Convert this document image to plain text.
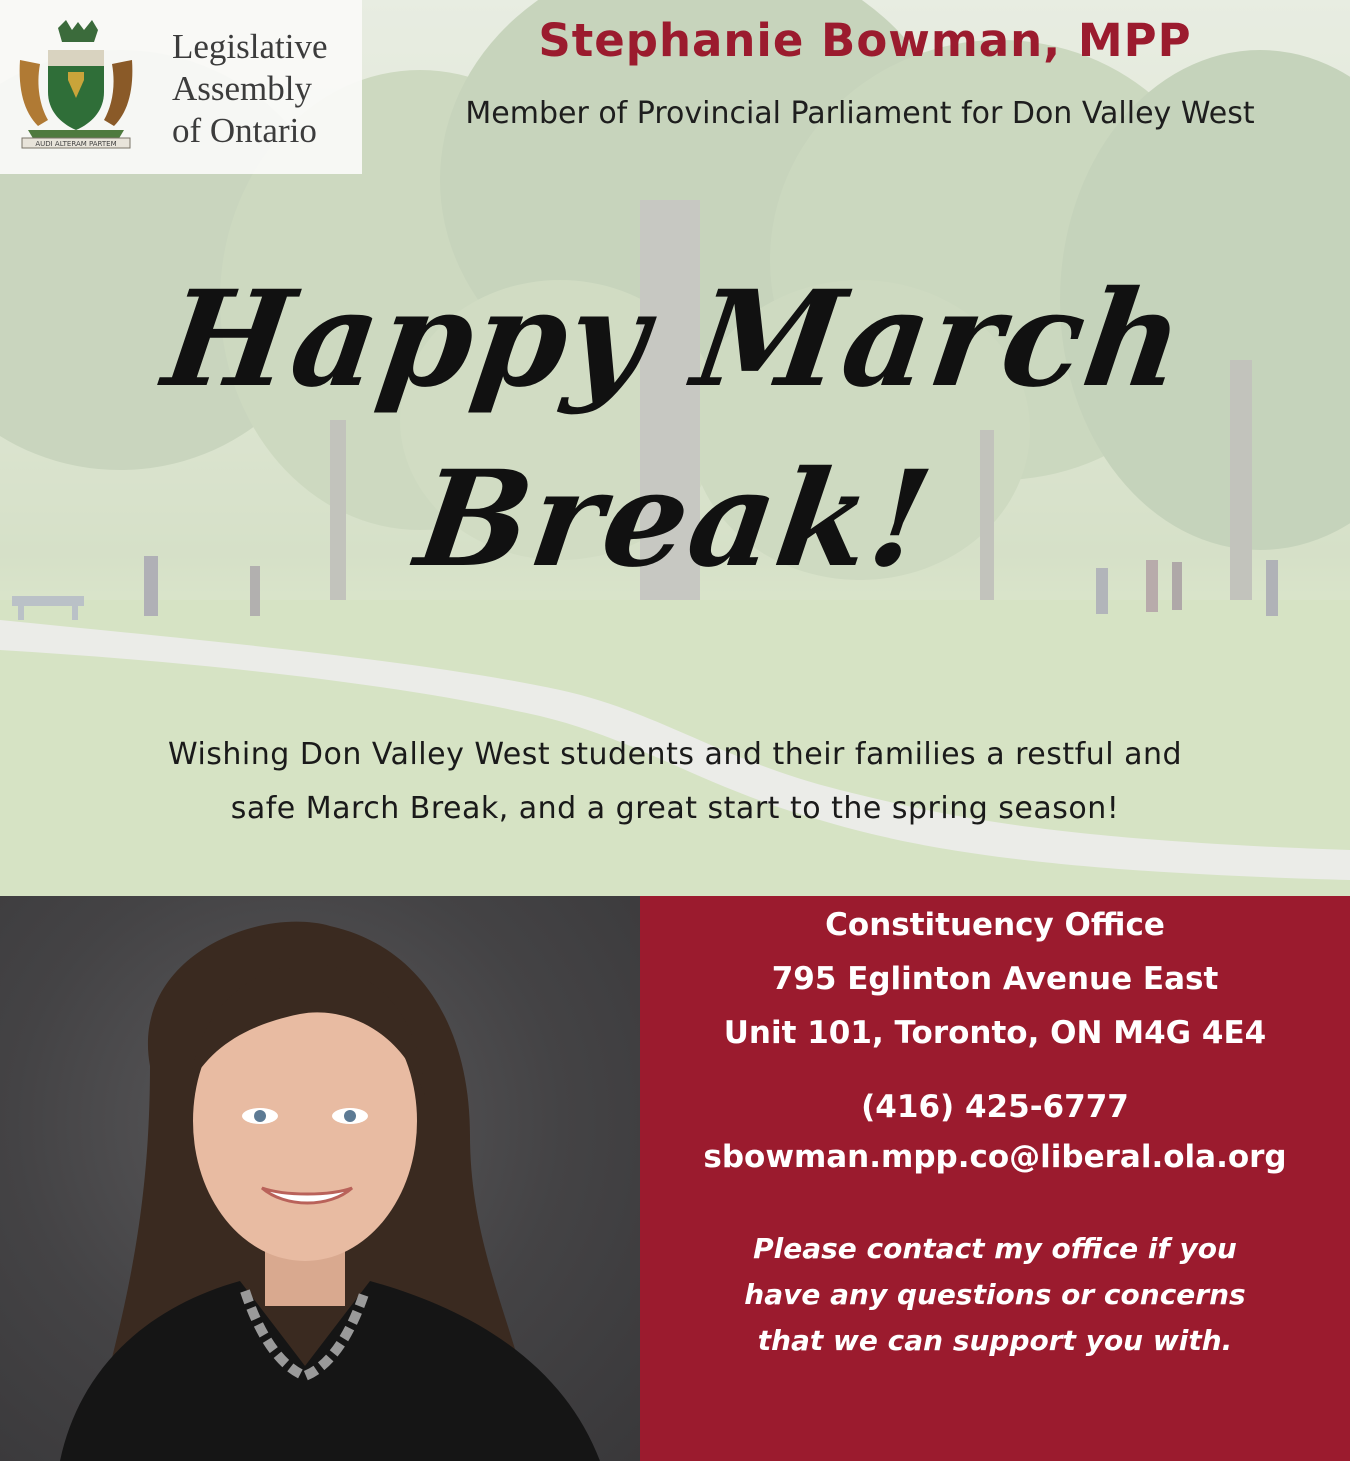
AUDI ALTERAM PARTEM
Legislative
Assembly
of Ontario
Stephanie Bowman, MPP
Member of Provincial Parliament for Don Valley West
Happy March
Break!
Wishing Don Valley West students and their families a restful and safe March Break, and a great start to the spring season!
Constituency Office
795 Eglinton Avenue East
Unit 101, Toronto, ON M4G 4E4
(416) 425-6777
sbowman.mpp.co@liberal.ola.org
Please contact my office if you
have any questions or concerns
that we can support you with.
